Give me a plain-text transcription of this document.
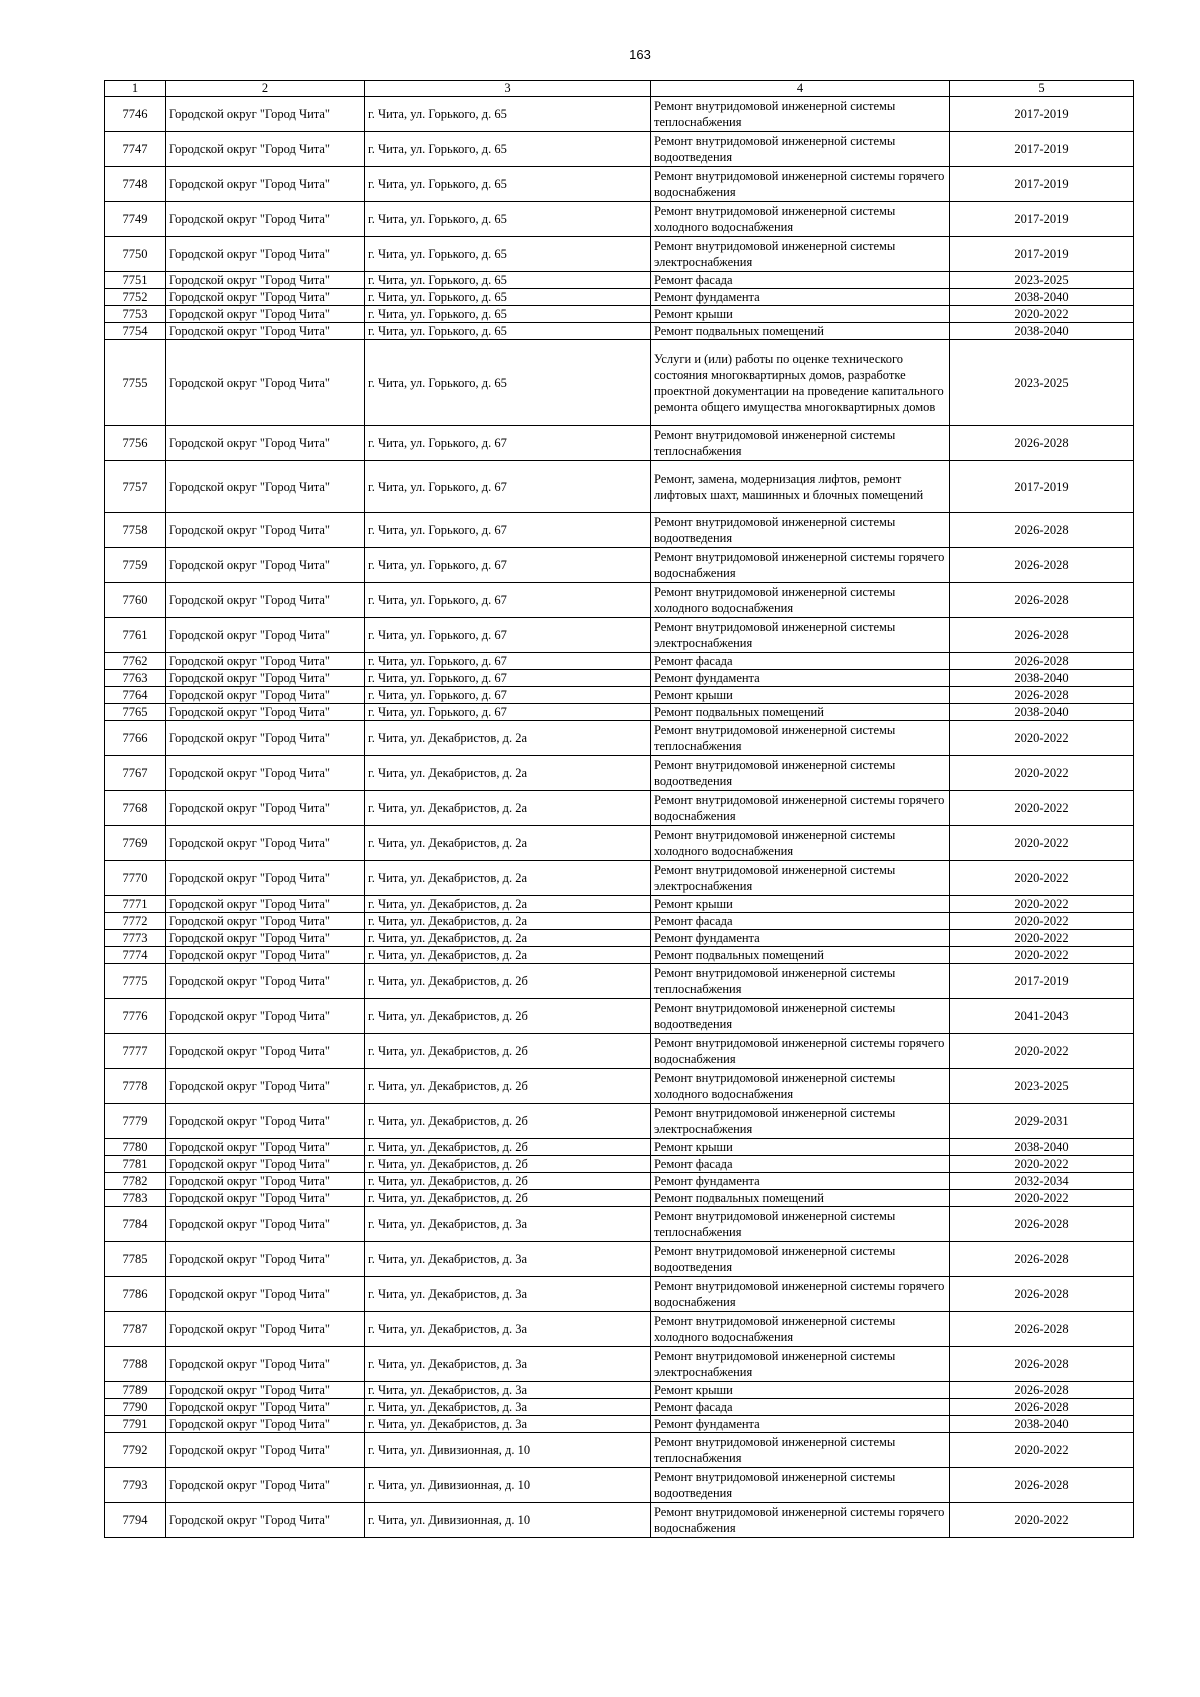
163
1	2	3	4	5
7746	Городской округ "Город Чита"	г. Чита, ул. Горького, д. 65	Ремонт внутридомовой инженерной системы теплоснабжения	2017-2019
7747	Городской округ "Город Чита"	г. Чита, ул. Горького, д. 65	Ремонт внутридомовой инженерной системы водоотведения	2017-2019
7748	Городской округ "Город Чита"	г. Чита, ул. Горького, д. 65	Ремонт внутридомовой инженерной системы горячего водоснабжения	2017-2019
7749	Городской округ "Город Чита"	г. Чита, ул. Горького, д. 65	Ремонт внутридомовой инженерной системы холодного водоснабжения	2017-2019
7750	Городской округ "Город Чита"	г. Чита, ул. Горького, д. 65	Ремонт внутридомовой инженерной системы электроснабжения	2017-2019
7751	Городской округ "Город Чита"	г. Чита, ул. Горького, д. 65	Ремонт фасада	2023-2025
7752	Городской округ "Город Чита"	г. Чита, ул. Горького, д. 65	Ремонт фундамента	2038-2040
7753	Городской округ "Город Чита"	г. Чита, ул. Горького, д. 65	Ремонт крыши	2020-2022
7754	Городской округ "Город Чита"	г. Чита, ул. Горького, д. 65	Ремонт подвальных помещений	2038-2040
7755	Городской округ "Город Чита"	г. Чита, ул. Горького, д. 65	Услуги и (или) работы по оценке технического состояния многоквартирных домов, разработке проектной документации на проведение капитального ремонта общего имущества многоквартирных домов	2023-2025
7756	Городской округ "Город Чита"	г. Чита, ул. Горького, д. 67	Ремонт внутридомовой инженерной системы теплоснабжения	2026-2028
7757	Городской округ "Город Чита"	г. Чита, ул. Горького, д. 67	Ремонт, замена, модернизация лифтов, ремонт лифтовых шахт, машинных и блочных помещений	2017-2019
7758	Городской округ "Город Чита"	г. Чита, ул. Горького, д. 67	Ремонт внутридомовой инженерной системы водоотведения	2026-2028
7759	Городской округ "Город Чита"	г. Чита, ул. Горького, д. 67	Ремонт внутридомовой инженерной системы горячего водоснабжения	2026-2028
7760	Городской округ "Город Чита"	г. Чита, ул. Горького, д. 67	Ремонт внутридомовой инженерной системы холодного водоснабжения	2026-2028
7761	Городской округ "Город Чита"	г. Чита, ул. Горького, д. 67	Ремонт внутридомовой инженерной системы электроснабжения	2026-2028
7762	Городской округ "Город Чита"	г. Чита, ул. Горького, д. 67	Ремонт фасада	2026-2028
7763	Городской округ "Город Чита"	г. Чита, ул. Горького, д. 67	Ремонт фундамента	2038-2040
7764	Городской округ "Город Чита"	г. Чита, ул. Горького, д. 67	Ремонт крыши	2026-2028
7765	Городской округ "Город Чита"	г. Чита, ул. Горького, д. 67	Ремонт подвальных помещений	2038-2040
7766	Городской округ "Город Чита"	г. Чита, ул. Декабристов, д. 2а	Ремонт внутридомовой инженерной системы теплоснабжения	2020-2022
7767	Городской округ "Город Чита"	г. Чита, ул. Декабристов, д. 2а	Ремонт внутридомовой инженерной системы водоотведения	2020-2022
7768	Городской округ "Город Чита"	г. Чита, ул. Декабристов, д. 2а	Ремонт внутридомовой инженерной системы горячего водоснабжения	2020-2022
7769	Городской округ "Город Чита"	г. Чита, ул. Декабристов, д. 2а	Ремонт внутридомовой инженерной системы холодного водоснабжения	2020-2022
7770	Городской округ "Город Чита"	г. Чита, ул. Декабристов, д. 2а	Ремонт внутридомовой инженерной системы электроснабжения	2020-2022
7771	Городской округ "Город Чита"	г. Чита, ул. Декабристов, д. 2а	Ремонт крыши	2020-2022
7772	Городской округ "Город Чита"	г. Чита, ул. Декабристов, д. 2а	Ремонт фасада	2020-2022
7773	Городской округ "Город Чита"	г. Чита, ул. Декабристов, д. 2а	Ремонт фундамента	2020-2022
7774	Городской округ "Город Чита"	г. Чита, ул. Декабристов, д. 2а	Ремонт подвальных помещений	2020-2022
7775	Городской округ "Город Чита"	г. Чита, ул. Декабристов, д. 2б	Ремонт внутридомовой инженерной системы теплоснабжения	2017-2019
7776	Городской округ "Город Чита"	г. Чита, ул. Декабристов, д. 2б	Ремонт внутридомовой инженерной системы водоотведения	2041-2043
7777	Городской округ "Город Чита"	г. Чита, ул. Декабристов, д. 2б	Ремонт внутридомовой инженерной системы горячего водоснабжения	2020-2022
7778	Городской округ "Город Чита"	г. Чита, ул. Декабристов, д. 2б	Ремонт внутридомовой инженерной системы холодного водоснабжения	2023-2025
7779	Городской округ "Город Чита"	г. Чита, ул. Декабристов, д. 2б	Ремонт внутридомовой инженерной системы электроснабжения	2029-2031
7780	Городской округ "Город Чита"	г. Чита, ул. Декабристов, д. 2б	Ремонт крыши	2038-2040
7781	Городской округ "Город Чита"	г. Чита, ул. Декабристов, д. 2б	Ремонт фасада	2020-2022
7782	Городской округ "Город Чита"	г. Чита, ул. Декабристов, д. 2б	Ремонт фундамента	2032-2034
7783	Городской округ "Город Чита"	г. Чита, ул. Декабристов, д. 2б	Ремонт подвальных помещений	2020-2022
7784	Городской округ "Город Чита"	г. Чита, ул. Декабристов, д. 3а	Ремонт внутридомовой инженерной системы теплоснабжения	2026-2028
7785	Городской округ "Город Чита"	г. Чита, ул. Декабристов, д. 3а	Ремонт внутридомовой инженерной системы водоотведения	2026-2028
7786	Городской округ "Город Чита"	г. Чита, ул. Декабристов, д. 3а	Ремонт внутридомовой инженерной системы горячего водоснабжения	2026-2028
7787	Городской округ "Город Чита"	г. Чита, ул. Декабристов, д. 3а	Ремонт внутридомовой инженерной системы холодного водоснабжения	2026-2028
7788	Городской округ "Город Чита"	г. Чита, ул. Декабристов, д. 3а	Ремонт внутридомовой инженерной системы электроснабжения	2026-2028
7789	Городской округ "Город Чита"	г. Чита, ул. Декабристов, д. 3а	Ремонт крыши	2026-2028
7790	Городской округ "Город Чита"	г. Чита, ул. Декабристов, д. 3а	Ремонт фасада	2026-2028
7791	Городской округ "Город Чита"	г. Чита, ул. Декабристов, д. 3а	Ремонт фундамента	2038-2040
7792	Городской округ "Город Чита"	г. Чита, ул. Дивизионная, д. 10	Ремонт внутридомовой инженерной системы теплоснабжения	2020-2022
7793	Городской округ "Город Чита"	г. Чита, ул. Дивизионная, д. 10	Ремонт внутридомовой инженерной системы водоотведения	2026-2028
7794	Городской округ "Город Чита"	г. Чита, ул. Дивизионная, д. 10	Ремонт внутридомовой инженерной системы горячего водоснабжения	2020-2022
